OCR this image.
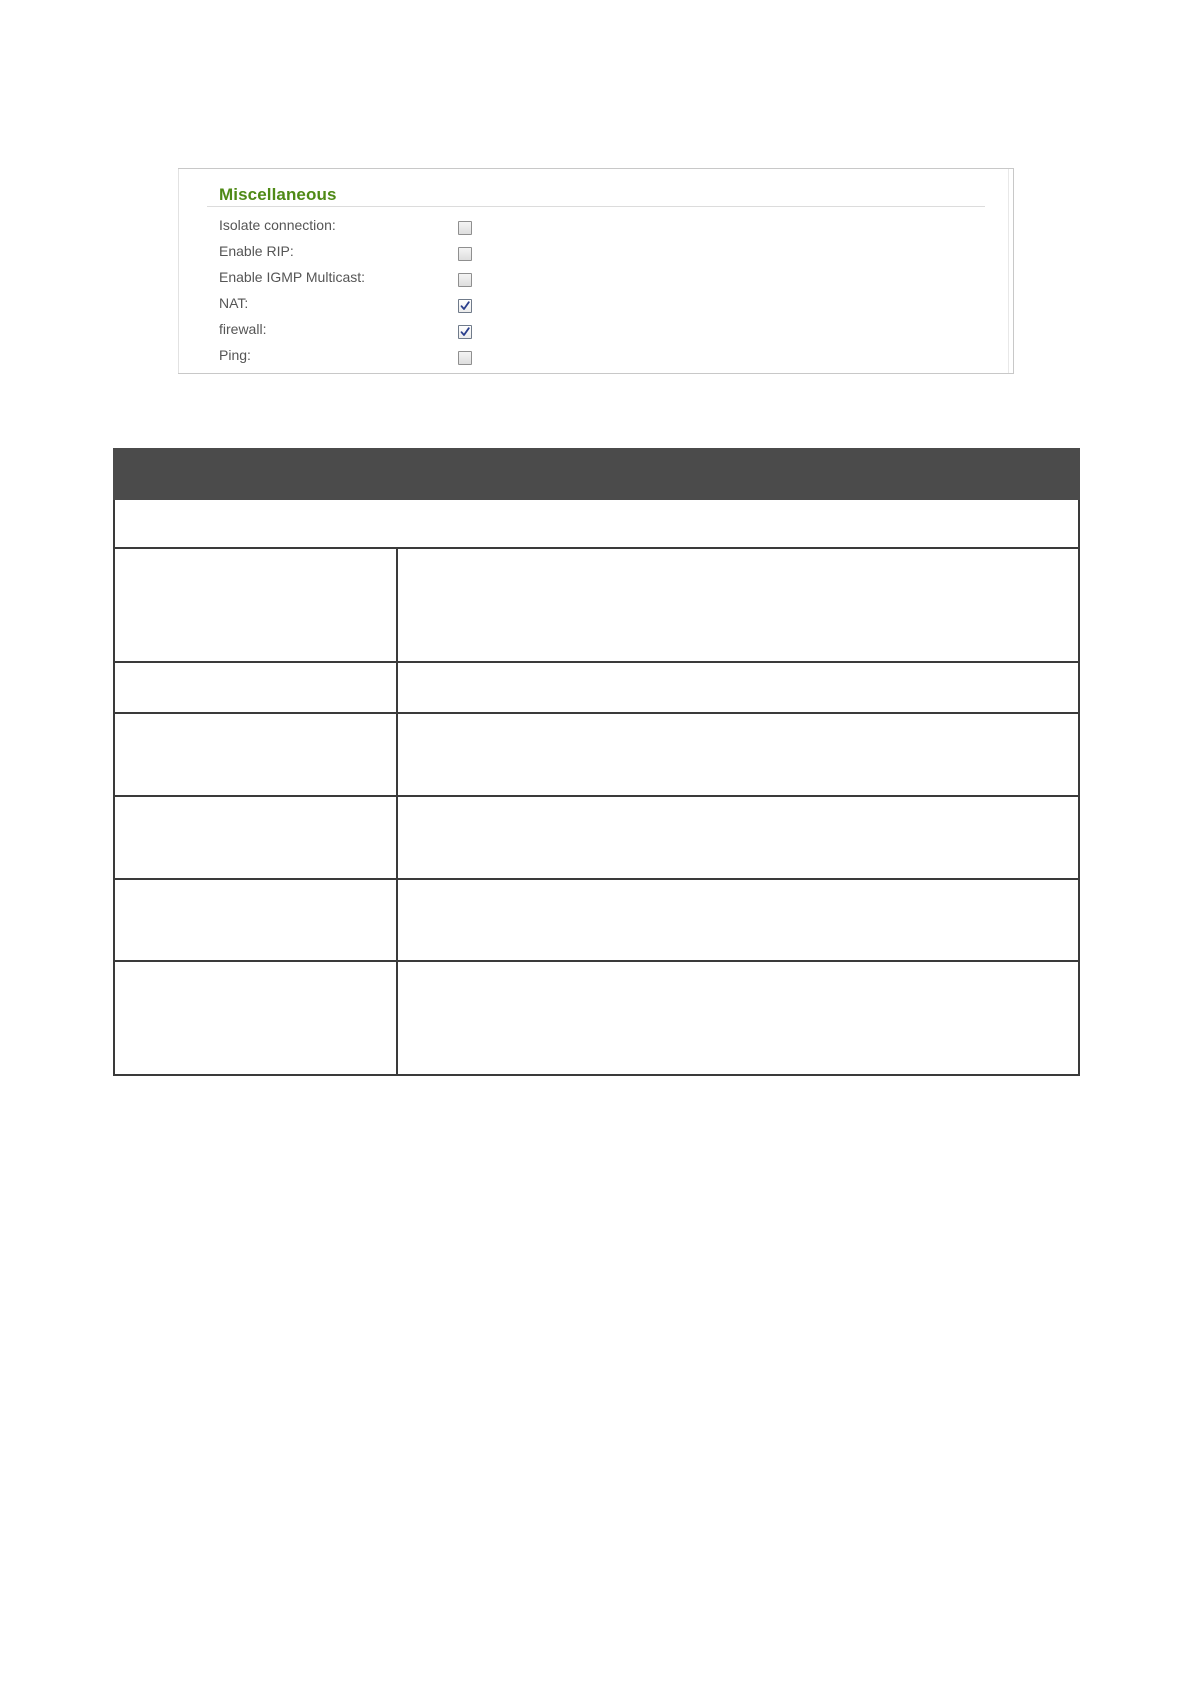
Miscellaneous
Isolate connection:
Enable RIP:
Enable IGMP Multicast:
NAT:
firewall:
Ping:
